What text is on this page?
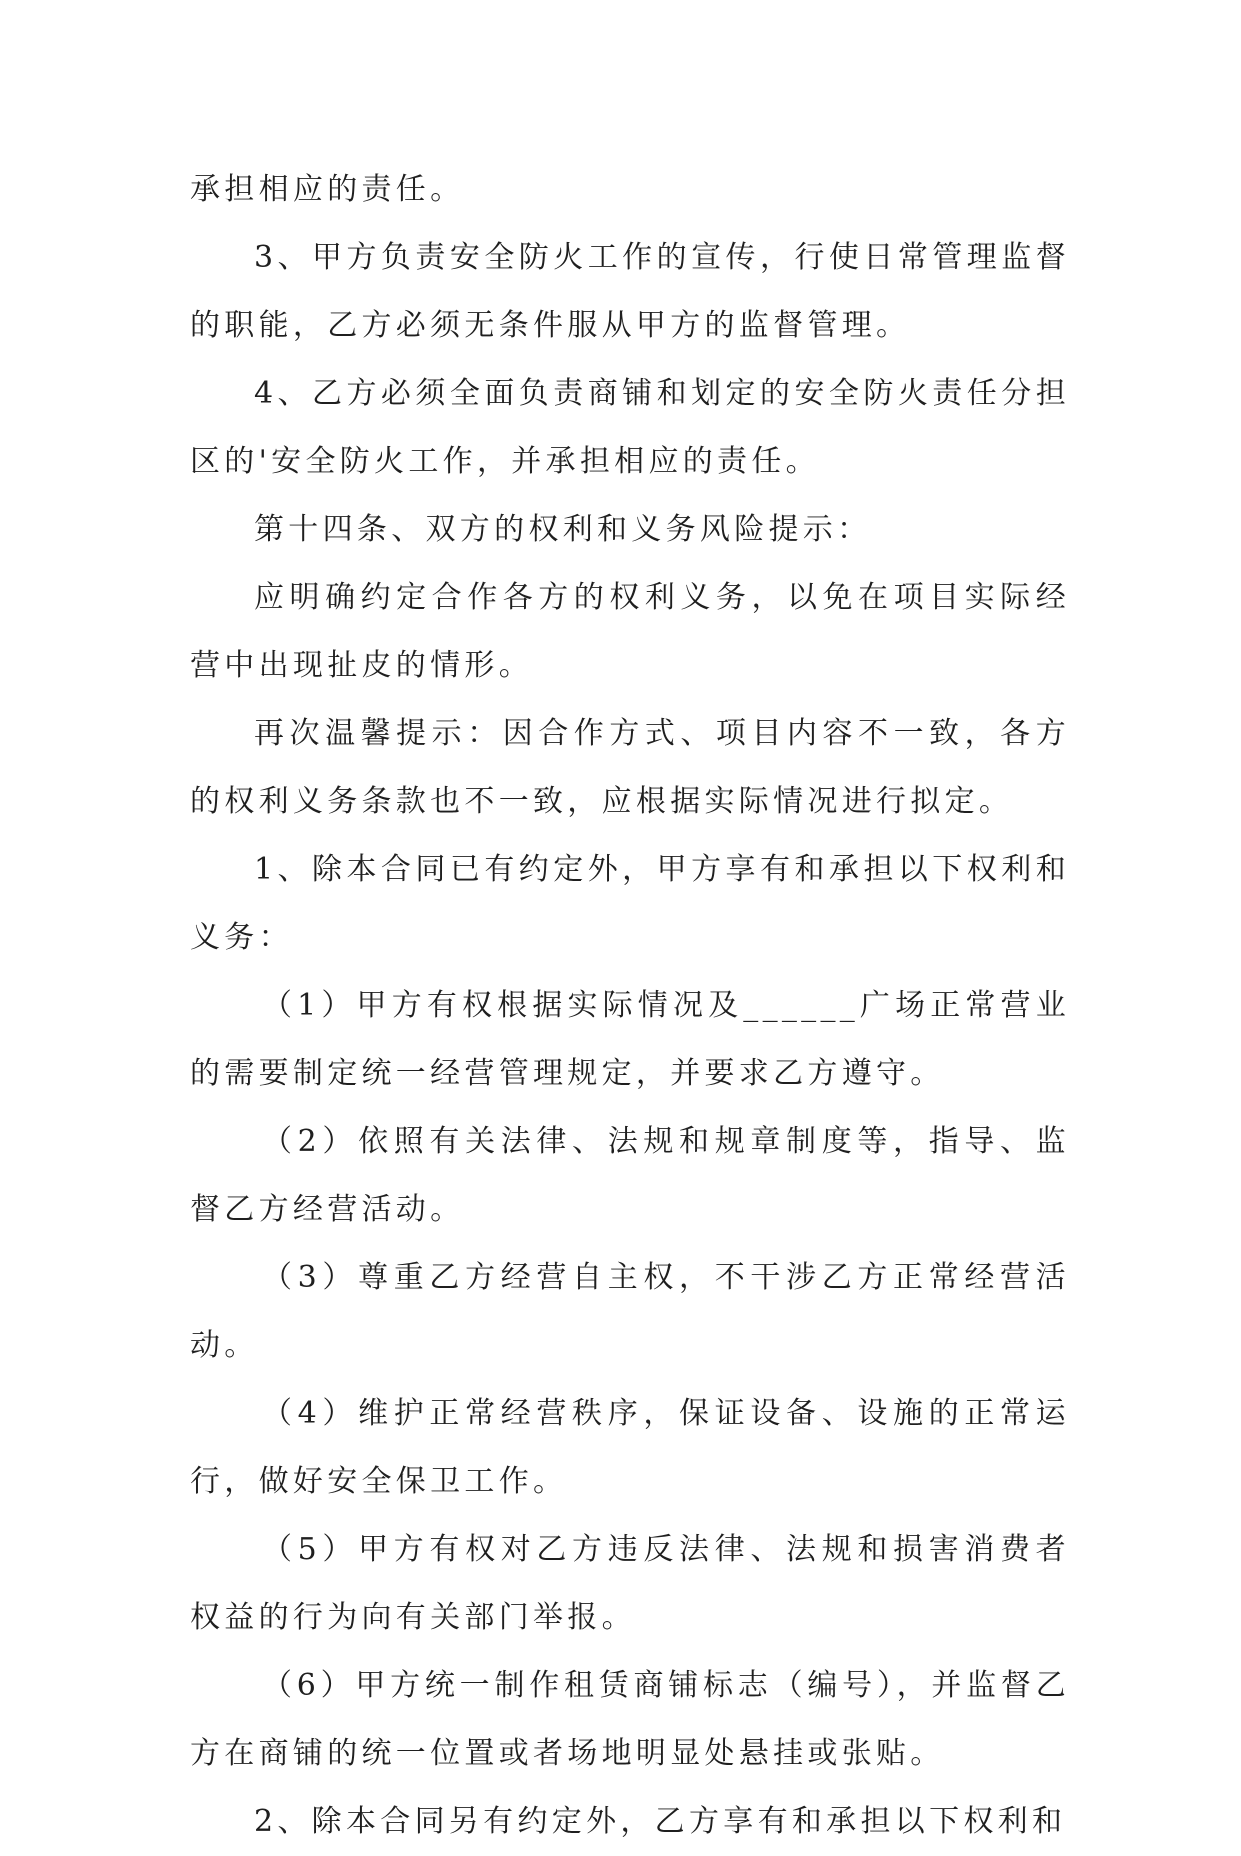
承担相应的责任。

3、甲方负责安全防火工作的宣传，行使日常管理监督的职能，乙方必须无条件服从甲方的监督管理。

4、乙方必须全面负责商铺和划定的安全防火责任分担区的'安全防火工作，并承担相应的责任。

第十四条、双方的权利和义务风险提示：

应明确约定合作各方的权利义务，以免在项目实际经营中出现扯皮的情形。

再次温馨提示：因合作方式、项目内容不一致，各方的权利义务条款也不一致，应根据实际情况进行拟定。

1、除本合同已有约定外，甲方享有和承担以下权利和义务：

（1）甲方有权根据实际情况及______广场正常营业的需要制定统一经营管理规定，并要求乙方遵守。

（2）依照有关法律、法规和规章制度等，指导、监督乙方经营活动。

（3）尊重乙方经营自主权，不干涉乙方正常经营活动。

（4）维护正常经营秩序，保证设备、设施的正常运行，做好安全保卫工作。

（5）甲方有权对乙方违反法律、法规和损害消费者权益的行为向有关部门举报。

（6）甲方统一制作租赁商铺标志（编号），并监督乙方在商铺的统一位置或者场地明显处悬挂或张贴。

2、除本合同另有约定外，乙方享有和承担以下权利和
